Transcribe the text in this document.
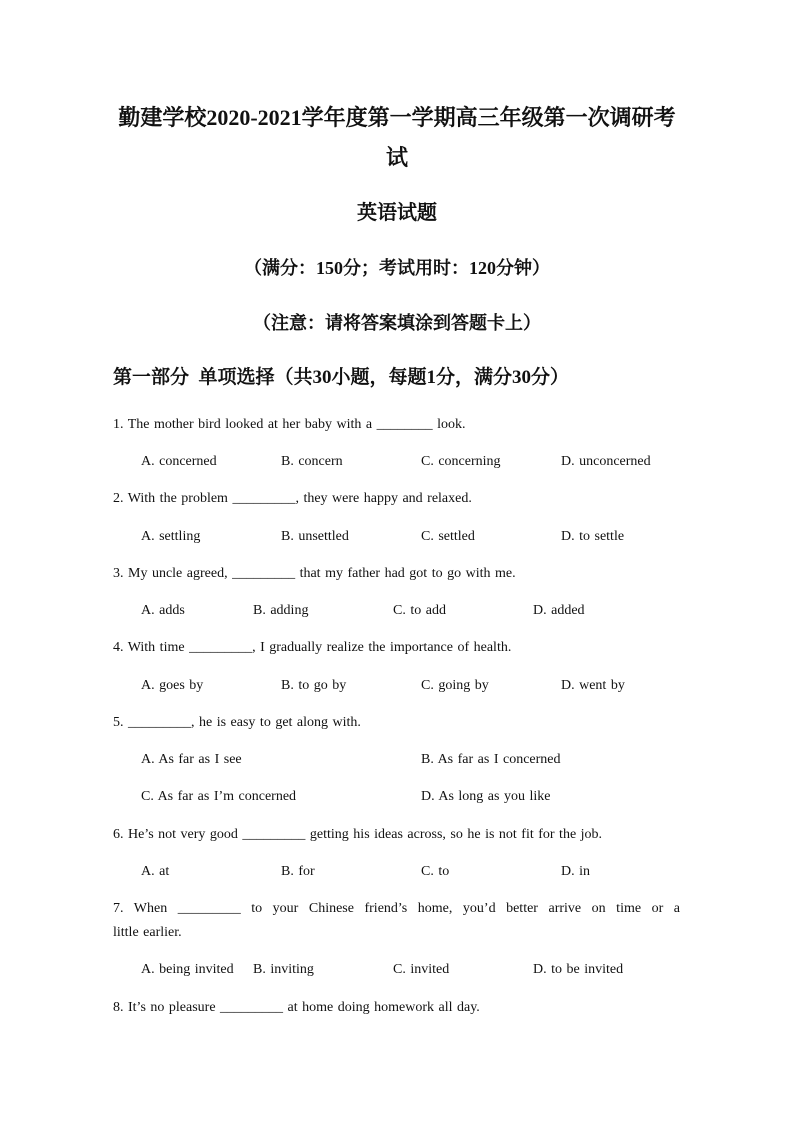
勤建学校2020-2021学年度第一学期高三年级第一次调研考
试
英语试题
（满分：150分；考试用时：120分钟）
（注意：请将答案填涂到答题卡上）
第一部分  单项选择（共30小题，每题1分，满分30分）
1. The mother bird looked at her baby with a ________ look.
A. concerned	B. concern	C. concerning	D. unconcerned
2. With the problem _________, they were happy and relaxed.
A. settling	B. unsettled	C. settled	D. to settle
3. My uncle agreed, _________ that my father had got to go with me.
A. adds	B. adding	C. to add	D. added
4. With time _________, I gradually realize the importance of health.
A. goes by	B. to go by	C. going by	D. went by
5. _________, he is easy to get along with.
A. As far as I see	B. As far as I concerned
C. As far as I’m concerned	D. As long as you like
6. He’s not very good _________ getting his ideas across, so he is not fit for the job.
A. at	B. for	C. to	D. in
7. When _________ to your Chinese friend’s home, you’d better arrive on time or a
little earlier.
A. being invited B. inviting	C. invited	D. to be invited
8. It’s no pleasure _________ at home doing homework all day.
